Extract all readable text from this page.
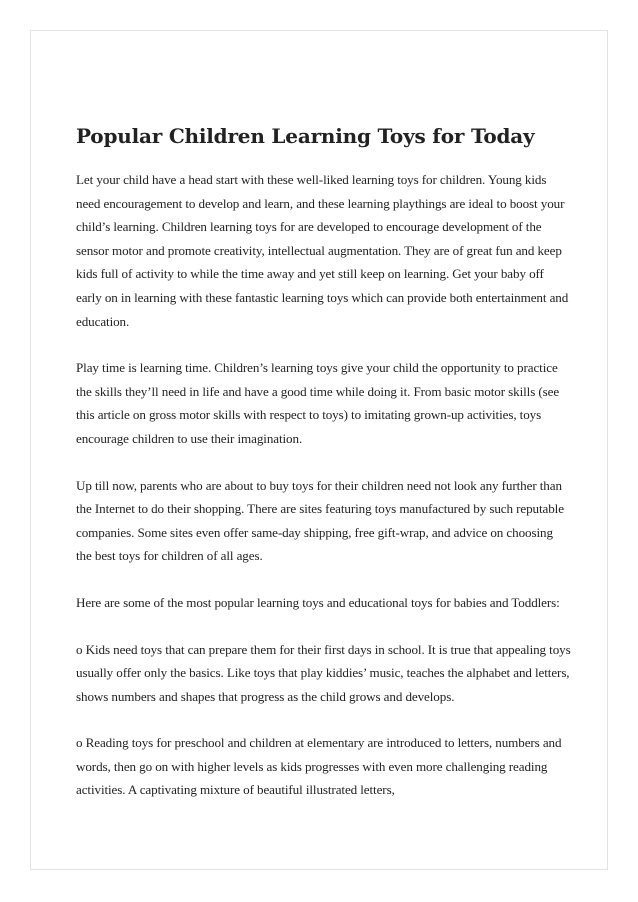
Popular Children Learning Toys for Today

Let your child have a head start with these well-liked learning toys for children. Young kids need encouragement to develop and learn, and these learning playthings are ideal to boost your child’s learning. Children learning toys for are developed to encourage development of the sensor motor and promote creativity, intellectual augmentation. They are of great fun and keep kids full of activity to while the time away and yet still keep on learning. Get your baby off early on in learning with these fantastic learning toys which can provide both entertainment and education.

Play time is learning time. Children’s learning toys give your child the opportunity to practice the skills they’ll need in life and have a good time while doing it. From basic motor skills (see this article on gross motor skills with respect to toys) to imitating grown-up activities, toys encourage children to use their imagination.

Up till now, parents who are about to buy toys for their children need not look any further than the Internet to do their shopping. There are sites featuring toys manufactured by such reputable companies. Some sites even offer same-day shipping, free gift-wrap, and advice on choosing the best toys for children of all ages.

Here are some of the most popular learning toys and educational toys for babies and Toddlers:

o Kids need toys that can prepare them for their first days in school. It is true that appealing toys usually offer only the basics. Like toys that play kiddies’ music, teaches the alphabet and letters, shows numbers and shapes that progress as the child grows and develops.

o Reading toys for preschool and children at elementary are introduced to letters, numbers and words, then go on with higher levels as kids progresses with even more challenging reading activities. A captivating mixture of beautiful illustrated letters,
